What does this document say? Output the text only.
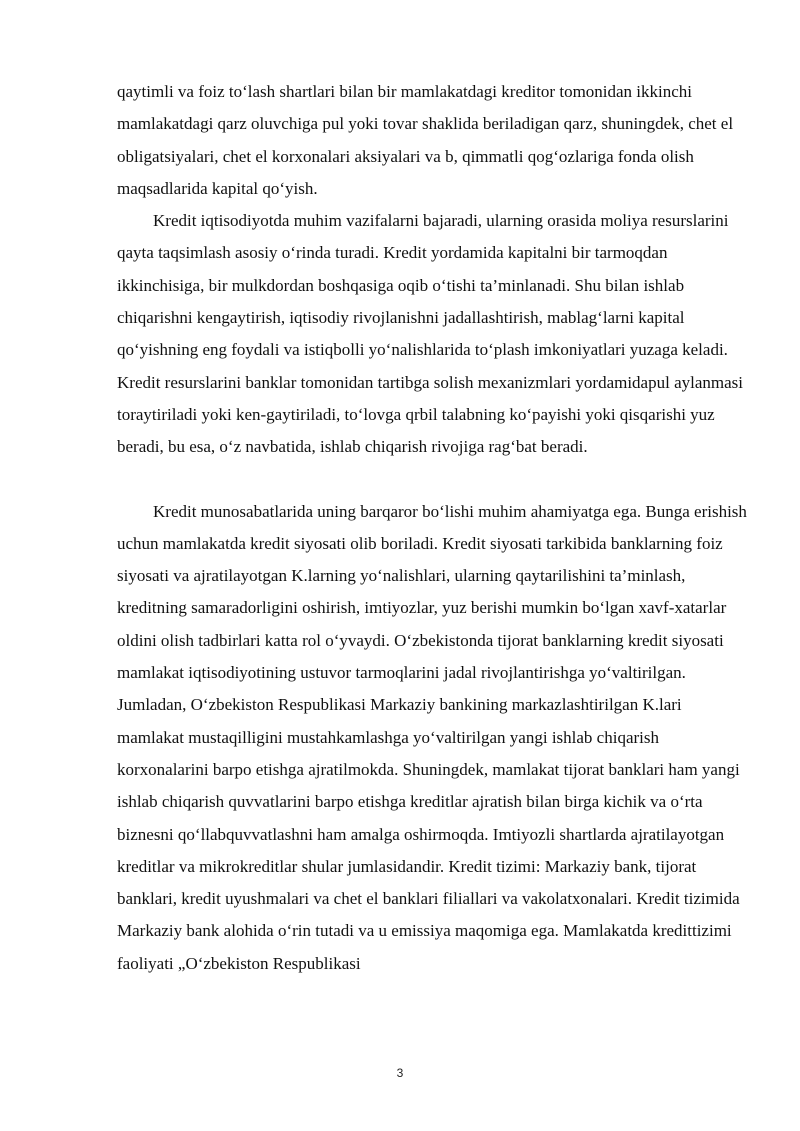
qaytimli va foiz to‘lash shartlari bilan bir mamlakatdagi kreditor tomonidan ikkinchi mamlakatdagi qarz oluvchiga pul yoki tovar shaklida beriladigan qarz, shuningdek, chet el obligatsiyalari, chet el korxonalari aksiyalari va b, qimmatli qog‘ozlariga fonda olish maqsadlarida kapital qo‘yish.

Kredit iqtisodiyotda muhim vazifalarni bajaradi, ularning orasida moliya resurslarini qayta taqsimlash asosiy o‘rinda turadi. Kredit yordamida kapitalni bir tarmoqdan ikkinchisiga, bir mulkdordan boshqasiga oqib o‘tishi ta’minlanadi. Shu bilan ishlab chiqarishni kengaytirish, iqtisodiy rivojlanishni jadallashtirish, mablag‘larni kapital qo‘yishning eng foydali va istiqbolli yo‘nalishlarida to‘plash imkoniyatlari yuzaga keladi. Kredit resurslarini banklar tomonidan tartibga solish mexanizmlari yordamidapul aylanmasi toraytiriladi yoki ken-gaytiriladi, to‘lovga qrbil talabning ko‘payishi yoki qisqarishi yuz beradi, bu esa, o‘z navbatida, ishlab chiqarish rivojiga rag‘bat beradi.

Kredit munosabatlarida uning barqaror bo‘lishi muhim ahamiyatga ega. Bunga erishish uchun mamlakatda kredit siyosati olib boriladi. Kredit siyosati tarkibida banklarning foiz siyosati va ajratilayotgan K.larning yo‘nalishlari, ularning qaytarilishini ta’minlash, kreditning samaradorligini oshirish, imtiyozlar, yuz berishi mumkin bo‘lgan xavf-xatarlar oldini olish tadbirlari katta rol o‘yvaydi. O‘zbekistonda tijorat banklarning kredit siyosati mamlakat iqtisodiyotining ustuvor tarmoqlarini jadal rivojlantirishga yo‘valtirilgan. Jumladan, O‘zbekiston Respublikasi Markaziy bankining markazlashtirilgan K.lari mamlakat mustaqilligini mustahkamlashga yo‘valtirilgan yangi ishlab chiqarish korxonalarini barpo etishga ajratilmokda. Shuningdek, mamlakat tijorat banklari ham yangi ishlab chiqarish quvvatlarini barpo etishga kreditlar ajratish bilan birga kichik va o‘rta biznesni qo‘llabquvvatlashni ham amalga oshirmoqda. Imtiyozli shartlarda ajratilayotgan kreditlar va mikrokreditlar shular jumlasidandir. Kredit tizimi: Markaziy bank, tijorat banklari, kredit uyushmalari va chet el banklari filiallari va vakolatxonalari. Kredit tizimida Markaziy bank alohida o‘rin tutadi va u emissiya maqomiga ega. Mamlakatda kredittizimi faoliyati „O‘zbekiston Respublikasi

3
